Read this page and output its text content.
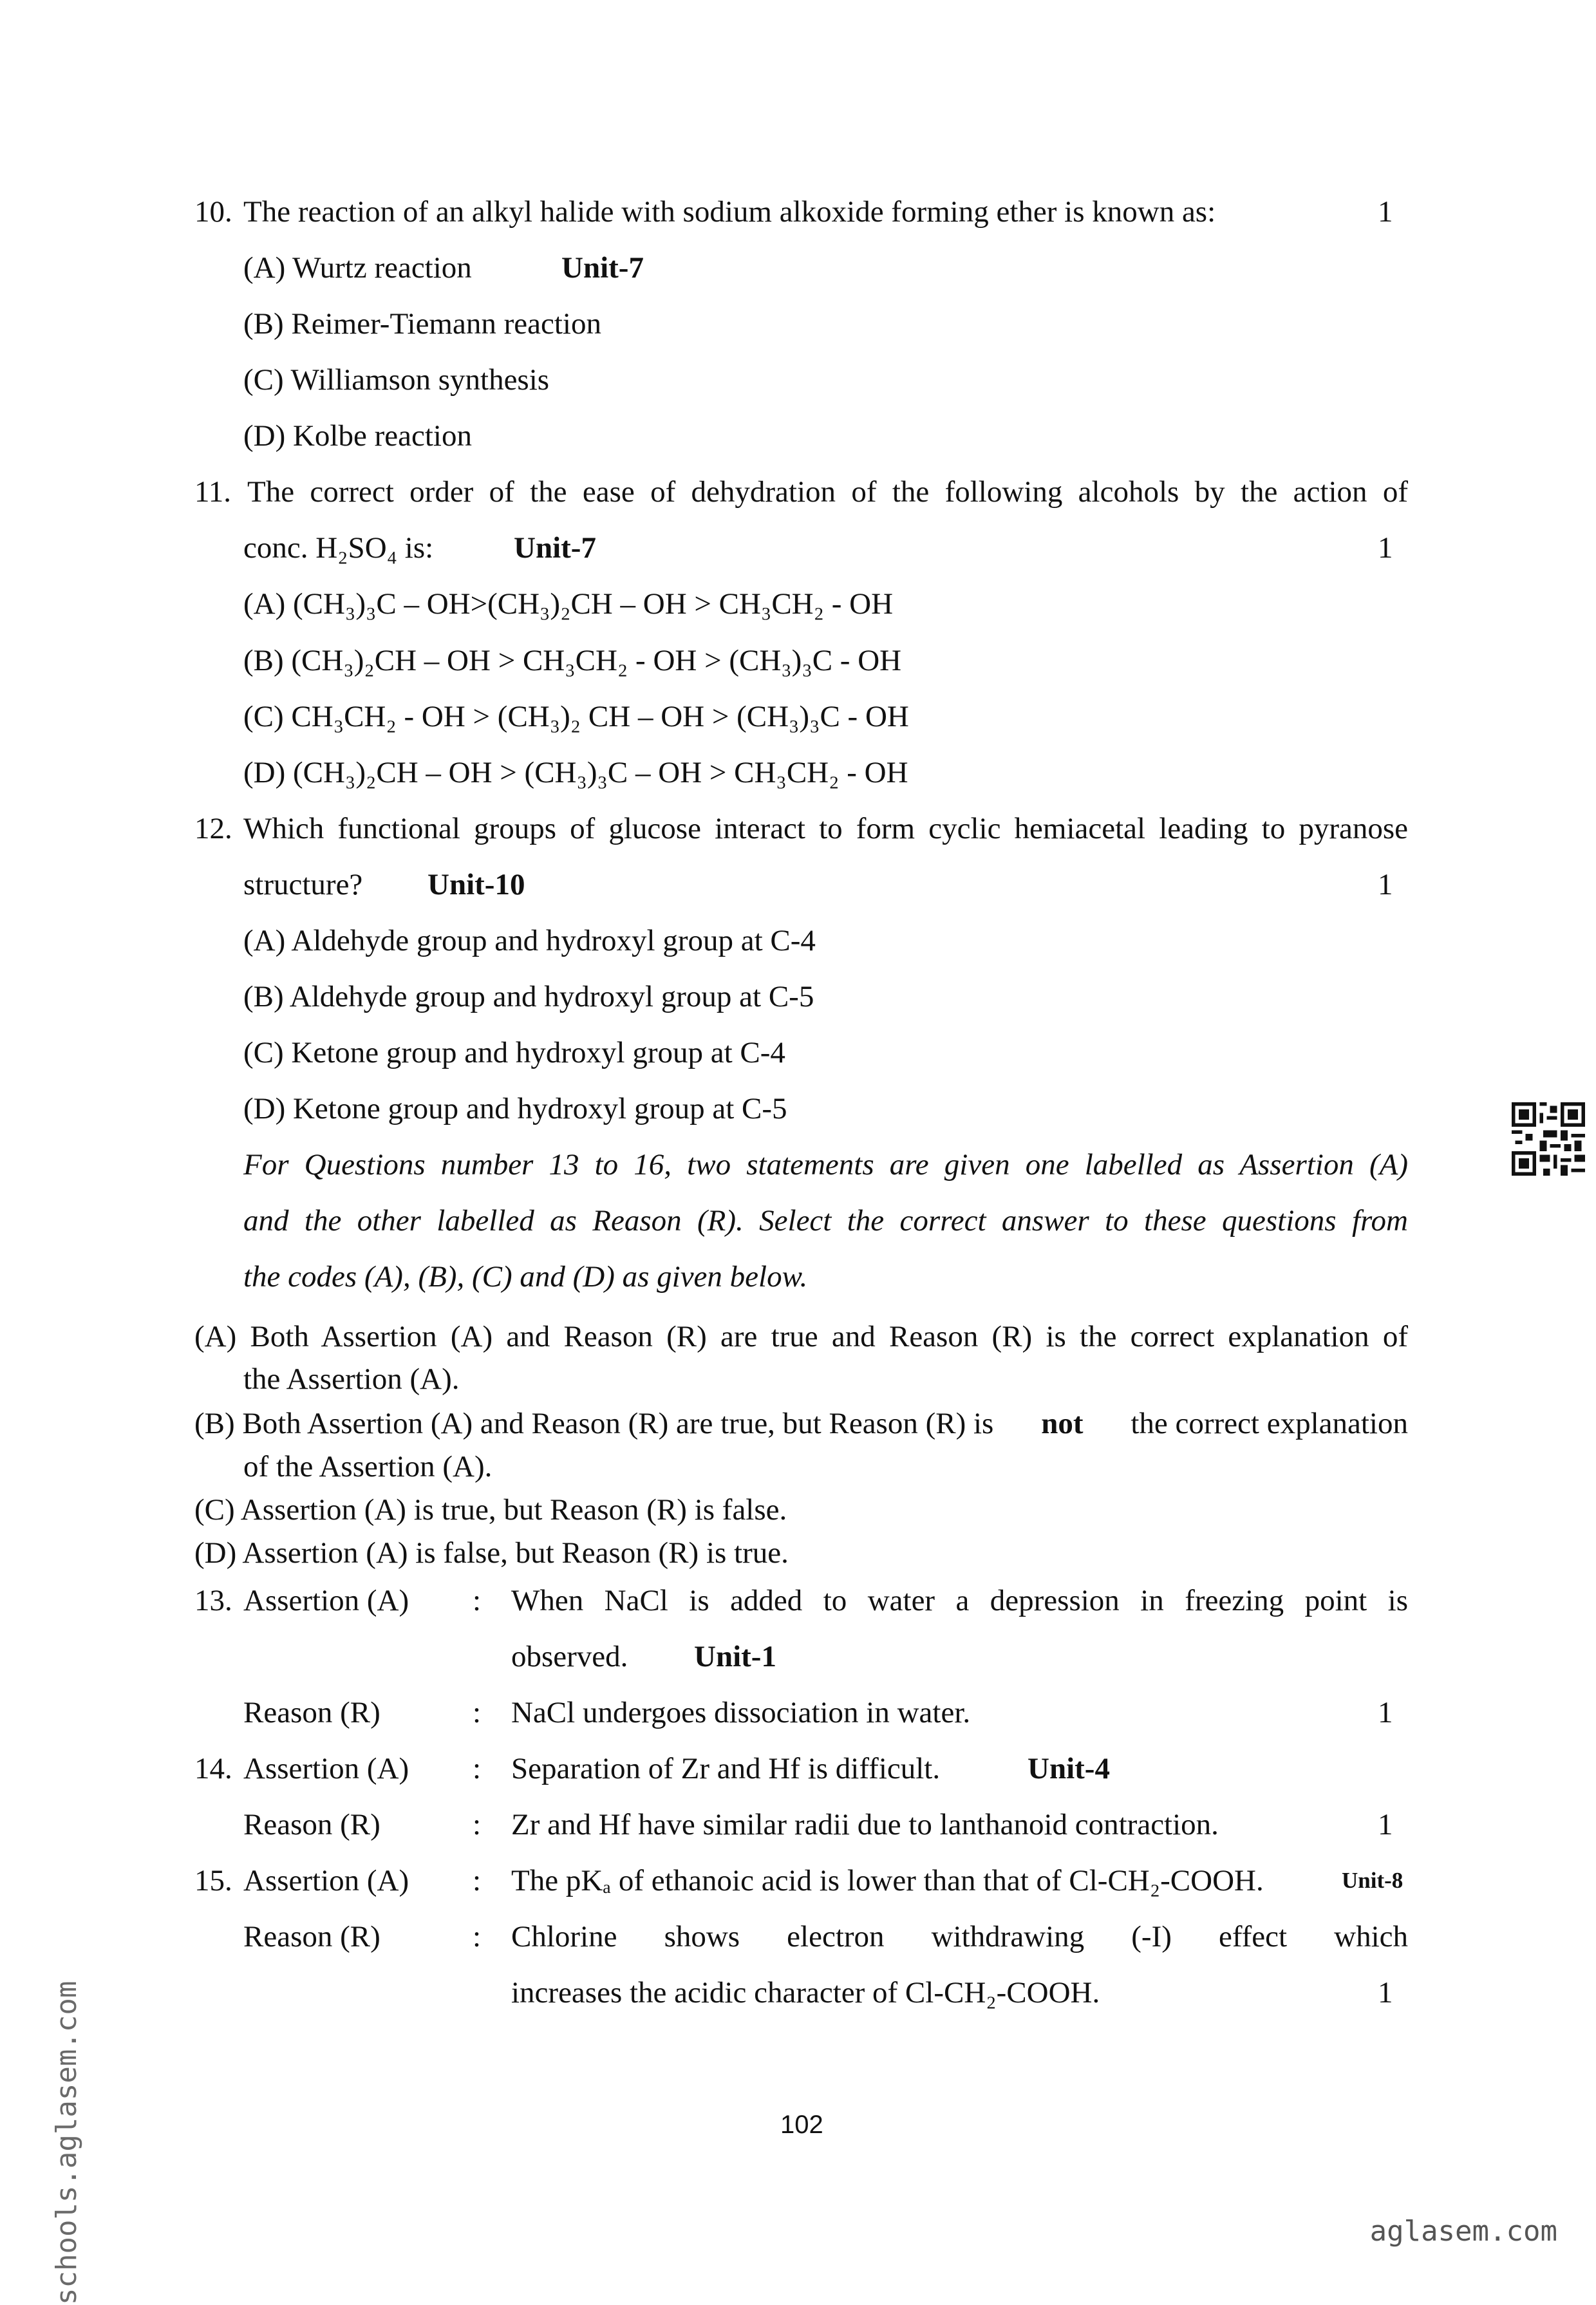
10. The reaction of an alkyl halide with sodium alkoxide forming ether is known as:	1
(A) Wurtz reaction	Unit-7
(B) Reimer-Tiemann reaction
(C) Williamson synthesis
(D) Kolbe reaction
11. The correct order of the ease of dehydration of the following alcohols by the action of
conc. H₂SO₄ is:	Unit-7	1
(A) (CH₃)₃C – OH>(CH₃)₂CH – OH > CH₃CH₂ - OH
(B) (CH₃)₂CH – OH > CH₃CH₂ - OH > (CH₃)₃C - OH
(C) CH₃CH₂ - OH > (CH₃)₂ CH – OH > (CH₃)₃C - OH
(D) (CH₃)₂CH – OH > (CH₃)₃C – OH > CH₃CH₂ - OH
12. Which functional groups of glucose interact to form cyclic hemiacetal leading to pyranose
structure? Unit-10	1
(A) Aldehyde group and hydroxyl group at C-4
(B) Aldehyde group and hydroxyl group at C-5
(C) Ketone group and hydroxyl group at C-4
(D) Ketone group and hydroxyl group at C-5
For Questions number 13 to 16, two statements are given one labelled as Assertion (A)
and the other labelled as Reason (R). Select the correct answer to these questions from
the codes (A), (B), (C) and (D) as given below.
(A) Both Assertion (A) and Reason (R) are true and Reason (R) is the correct explanation of
the Assertion (A).
(B) Both Assertion (A) and Reason (R) are true, but Reason (R) is not the correct explanation
of the Assertion (A).
(C) Assertion (A) is true, but Reason (R) is false.
(D) Assertion (A) is false, but Reason (R) is true.
13. Assertion (A) : When NaCl is added to water a depression in freezing point is
observed. Unit-1
Reason (R)	: NaCl undergoes dissociation in water.	1
14. Assertion (A) : Separation of Zr and Hf is difficult.	Unit-4
Reason (R)	: Zr and Hf have similar radii due to lanthanoid contraction.	1
15. Assertion (A) : The pKₐ of ethanoic acid is lower than that of Cl-CH₂-COOH.	Unit-8
Reason (R)	: Chlorine shows electron withdrawing (-I) effect which
increases the acidic character of Cl-CH₂-COOH.	1
102
schools.aglasem.com	aglasem.com
